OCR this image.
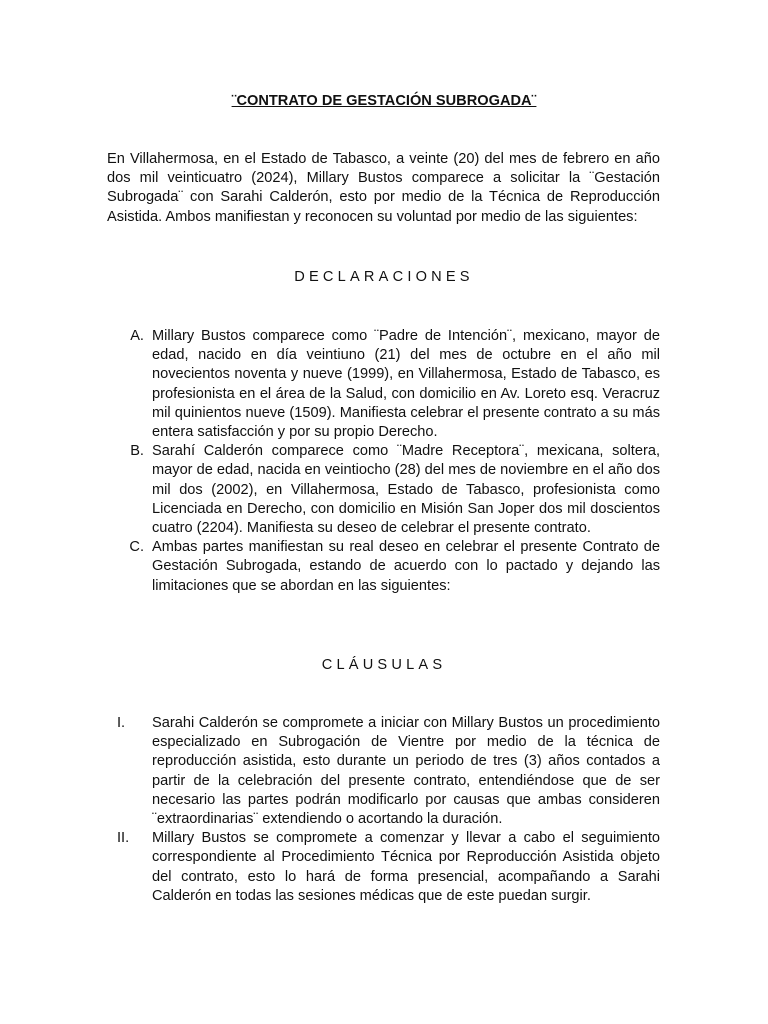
¨CONTRATO DE GESTACIÓN SUBROGADA¨

En Villahermosa, en el Estado de Tabasco, a veinte (20) del mes de febrero en año dos mil veinticuatro (2024), Millary Bustos comparece a solicitar la ¨Gestación Subrogada¨ con Sarahi Calderón, esto por medio de la Técnica de Reproducción Asistida. Ambos manifiestan y reconocen su voluntad por medio de las siguientes:

DECLARACIONES
A. Millary Bustos comparece como ¨Padre de Intención¨, mexicano, mayor de edad, nacido en día veintiuno (21) del mes de octubre en el año mil novecientos noventa y nueve (1999), en Villahermosa, Estado de Tabasco, es profesionista en el área de la Salud, con domicilio en Av. Loreto esq. Veracruz mil quinientos nueve (1509). Manifiesta celebrar el presente contrato a su más entera satisfacción y por su propio Derecho.
B. Sarahí Calderón comparece como ¨Madre Receptora¨, mexicana, soltera, mayor de edad, nacida en veintiocho (28) del mes de noviembre en el año dos mil dos (2002), en Villahermosa, Estado de Tabasco, profesionista como Licenciada en Derecho, con domicilio en Misión San Joper dos mil doscientos cuatro (2204). Manifiesta su deseo de celebrar el presente contrato.
C. Ambas partes manifiestan su real deseo en celebrar el presente Contrato de Gestación Subrogada, estando de acuerdo con lo pactado y dejando las limitaciones que se abordan en las siguientes:
CLÁUSULAS
I.	Sarahi Calderón se compromete a iniciar con Millary Bustos un procedimiento especializado en Subrogación de Vientre por medio de la técnica de reproducción asistida, esto durante un periodo de tres (3) años contados a partir de la celebración del presente contrato, entendiéndose que de ser necesario las partes podrán modificarlo por causas que ambas consideren ¨extraordinarias¨ extendiendo o acortando la duración.
II.	Millary Bustos se compromete a comenzar y llevar a cabo el seguimiento correspondiente al Procedimiento Técnica por Reproducción Asistida objeto del contrato, esto lo hará de forma presencial, acompañando a Sarahi Calderón en todas las sesiones médicas que de este puedan surgir.
